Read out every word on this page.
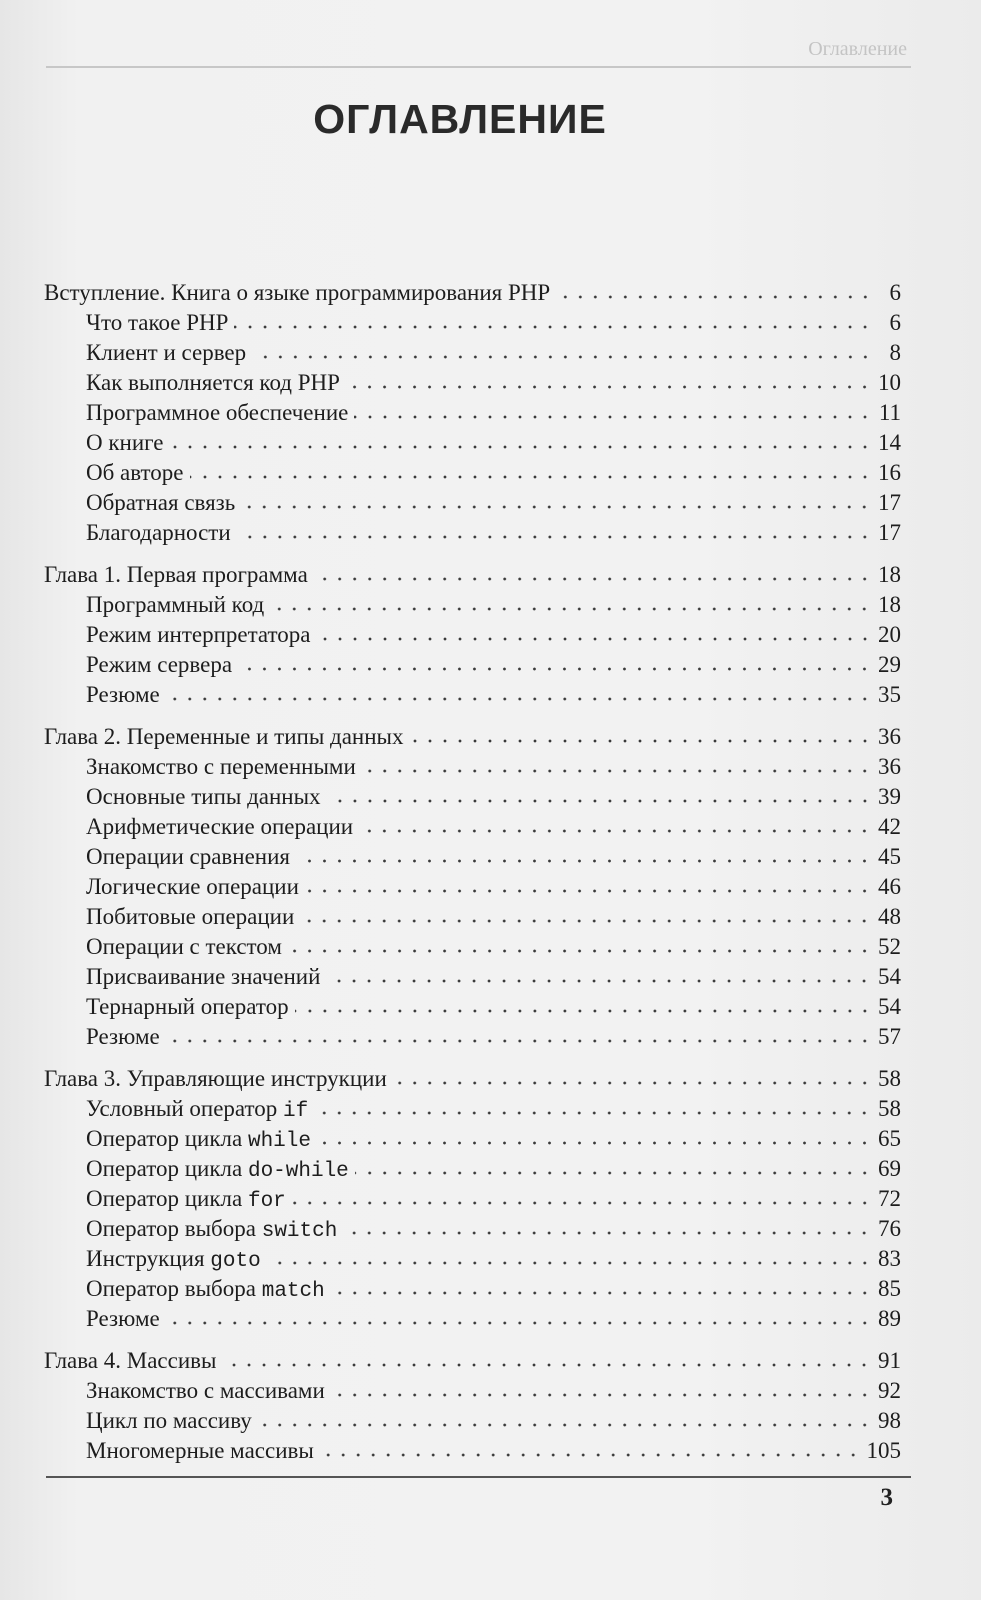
Оглавление
ОГЛАВЛЕНИЕ
Вступление. Книга о языке программирования PHP	6
Что такое PHP	6
Клиент и сервер	8
Как выполняется код PHP	10
Программное обеспечение	11
О книге	14
Об авторе	16
Обратная связь	17
Благодарности	17
Глава 1. Первая программа	18
Программный код	18
Режим интерпретатора	20
Режим сервера	29
Резюме	35
Глава 2. Переменные и типы данных	36
Знакомство с переменными	36
Основные типы данных	39
Арифметические операции	42
Операции сравнения	45
Логические операции	46
Побитовые операции	48
Операции с текстом	52
Присваивание значений	54
Тернарный оператор	54
Резюме	57
Глава 3. Управляющие инструкции	58
Условный оператор if	58
Оператор цикла while	65
Оператор цикла do-while	69
Оператор цикла for	72
Оператор выбора switch	76
Инструкция goto	83
Оператор выбора match	85
Резюме	89
Глава 4. Массивы	91
Знакомство с массивами	92
Цикл по массиву	98
Многомерные массивы	105
3
